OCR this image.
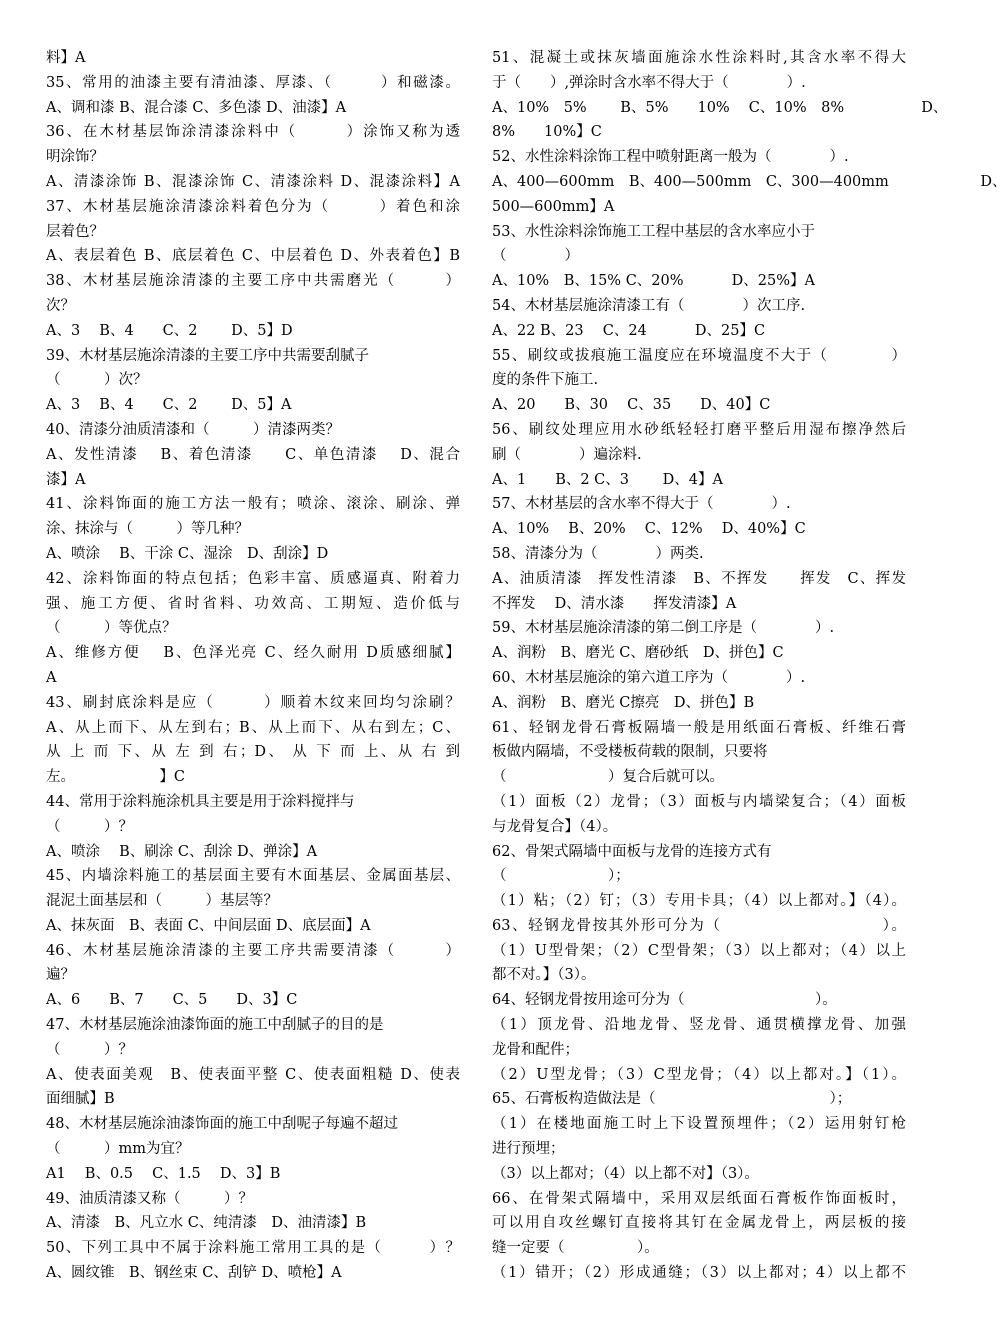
料】A
35、常用的油漆主要有清油漆、厚漆、（　　　）和磁漆。
A、调和漆 B、混合漆 C、多色漆 D、油漆】A
36、在木材基层饰涂清漆涂料中（　　　）涂饰又称为透
明涂饰？
A、清漆涂饰 B、混漆涂饰 C、清漆涂料 D、混漆涂料】A
37、木材基层施涂清漆涂料着色分为（　　　）着色和涂
层着色？
A、表层着色 B、底层着色 C、中层着色 D、外表着色】B
38、木材基层施涂清漆的主要工序中共需磨光（　　　）
次？
A、3　 B、4　　C、2　　 D、5】D
39、木材基层施涂清漆的主要工序中共需要刮腻子
（　　　）次？
A、3　 B、4　　C、2　　 D、5】A
40、清漆分油质清漆和（　　　）清漆两类？
A、发性清漆　 B、着色清漆　　C、单色清漆　 D、混合
漆】A
41、涂料饰面的施工方法一般有；喷涂、滚涂、刷涂、弹
涂、抹涂与（　　　）等几种？
A、喷涂　 B、干涂 C、湿涂　D、刮涂】D
42、涂料饰面的特点包括；色彩丰富、质感逼真、附着力
强、施工方便、省时省料、功效高、工期短、造价低与
（　　　）等优点？
A、维修方便　 B、色泽光亮 C、经久耐用 D质感细腻】
A
43、刷封底涂料是应（　　　）顺着木纹来回均匀涂刷？
A、从上而下、从左到右；B、从上而下、从右到左；C、
从 上 而 下、从 左 到 右；D、 从 下 而 上、从 右 到
左。　　　　　　 】C
44、常用于涂料施涂机具主要是用于涂料搅拌与
（　　　）？
A、喷涂　 B、刷涂 C、刮涂 D、弹涂】A
45、内墙涂料施工的基层面主要有木面基层、金属面基层、
混泥土面基层和（　　　）基层等？
A、抹灰面　B、表面 C、中间层面 D、底层面】A
46、木材基层施涂清漆的主要工序共需要清漆（　　　）
遍？
A、6　　B、7　　C、5　　D、3】C
47、木材基层施涂油漆饰面的施工中刮腻子的目的是
（　　　）？
A、使表面美观　B、使表面平整 C、使表面粗糙 D、使表
面细腻】B
48、木材基层施涂油漆饰面的施工中刮呢子每遍不超过
（　　　）mm为宜？
A1　 B、0.5　 C、1.5　 D、3】B
49、油质清漆又称（　　　）？
A、清漆　B、凡立水 C、纯清漆　D、油清漆】B
50、下列工具中不属于涂料施工常用工具的是（　　　）？
A、圆纹锥　B、钢丝束 C、刮铲 D、喷枪】A
51、混凝土或抹灰墙面施涂水性涂料时,其含水率不得大
于（　　）,弹涂时含水率不得大于（　　　　）.
A、10%　5%　　 B、5%　　10%　 C、10%　8%　　　　　 D、
8%　　10%】C
52、水性涂料涂饰工程中喷射距离一般为（　　　　）.
A、400—600mm　B、400—500mm　C、300—400mm　　　　　　 D、
500—600mm】A
53、水性涂料涂饰施工工程中基层的含水率应小于
（　　　　）
A、10%　B、15% C、20%　　　 D、25%】A
54、木材基层施涂清漆工有（　　　　）次工序.
A、22 B、23　 C、24　　　 D、25】C
55、刷纹或拔痕施工温度应在环境温度不大于（　　　　）
度的条件下施工.
A、20　　B、30　 C、35　　D、40】C
56、刷纹处理应用水砂纸轻轻打磨平整后用湿布擦净然后
刷（　　　　）遍涂料.
A、1　　B、2 C、3　　 D、4】A
57、木材基层的含水率不得大于（　　　　）.
A、10%　 B、20%　 C、12%　 D、40%】C
58、清漆分为（　　　　）两类.
A、油质清漆　挥发性清漆　B、不挥发　　挥发　C、挥发
不挥发　 D、清水漆　　挥发清漆】A
59、木材基层施涂清漆的第二倒工序是（　　　　）.
A、润粉　B、磨光 C、磨砂纸　D、拼色】C
60、木材基层施涂的第六道工序为（　　　　）.
A、润粉　B、磨光 C擦亮　D、拼色】B
61、轻钢龙骨石膏板隔墙一般是用纸面石膏板、纤维石膏
板做内隔墙，不受楼板荷载的限制，只要将
（　　　　　　　）复合后就可以。
（1）面板（2）龙骨；（3）面板与内墙梁复合；（4）面板
与龙骨复合】（4）。
62、骨架式隔墙中面板与龙骨的连接方式有
（　　　　　　　）；
（1）粘；（2）钉；（3）专用卡具；（4）以上都对。】（4）。
63、轻钢龙骨按其外形可分为（　　　　　　　　　　）。
（1）U型骨架；（2）C型骨架；（3）以上都对；（4）以上
都不对。】（3）。
64、轻钢龙骨按用途可分为（　　　　　　　　　）。
（1）顶龙骨、沿地龙骨、竖龙骨、通贯横撑龙骨、加强
龙骨和配件；
（2）U型龙骨；（3）C型龙骨；（4）以上都对。】（1）。
65、石膏板构造做法是（　　　　　　　　　　　　）；
（1）在楼地面施工时上下设置预埋件；（2）运用射钉枪
进行预埋；
（3）以上都对；（4）以上都不对】（3）。
66、在骨架式隔墙中，采用双层纸面石膏板作饰面板时，
可以用自攻丝螺钉直接将其钉在金属龙骨上，两层板的接
缝一定要（　　　　　）。
（1）错开；（2）形成通缝；（3）以上都对；4）以上都不
